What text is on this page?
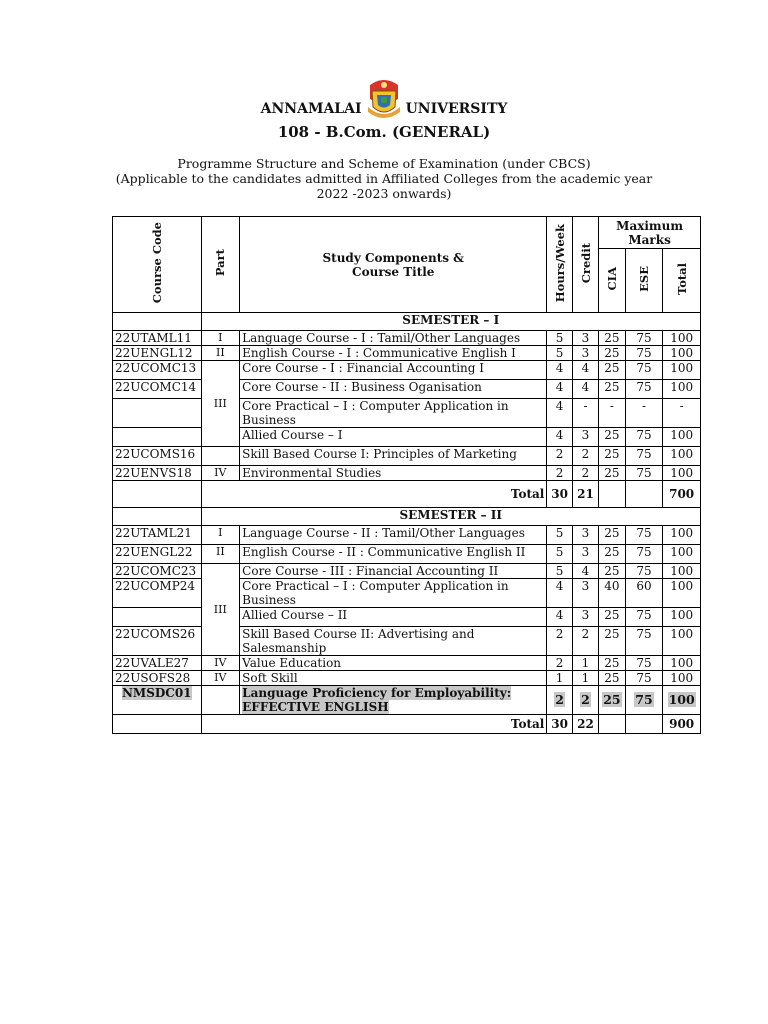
ANNAMALAI	UNIVERSITY
108 - B.Com. (GENERAL)
Programme Structure and Scheme of Examination (under CBCS)
(Applicable to the candidates admitted in Affiliated Colleges from the academic year
2022 -2023 onwards)
Course Code	Part	Study Components & Course Title	Hours/Week	Credit	Maximum Marks		
					CIA	ESE	Total
	SEMESTER – I						
22UTAML11	I	Language Course - I : Tamil/Other Languages	5	3	25	75	100
22UENGL12	II	English Course - I : Communicative English I	5	3	25	75	100
22UCOMC13	III	Core Course - I : Financial Accounting I	4	4	25	75	100
22UCOMC14		Core Course - II : Business Oganisation	4	4	25	75	100
		Core Practical – I : Computer Application in Business	4	-	-	-	-
		Allied Course – I	4	3	25	75	100
22UCOMS16		Skill Based Course I: Principles of Marketing	2	2	25	75	100
22UENVS18	IV	Environmental Studies	2	2	25	75	100
	Total		30	21			700
	SEMESTER – II						
22UTAML21	I	Language Course - II : Tamil/Other Languages	5	3	25	75	100
22UENGL22	II	English Course - II : Communicative English II	5	3	25	75	100
22UCOMC23	III	Core Course - III : Financial Accounting II	5	4	25	75	100
22UCOMP24		Core Practical – I : Computer Application in Business	4	3	40	60	100
		Allied Course – II	4	3	25	75	100
22UCOMS26		Skill Based Course II: Advertising and Salesmanship	2	2	25	75	100
22UVALE27	IV	Value Education	2	1	25	75	100
22USOFS28	IV	Soft Skill	1	1	25	75	100
NMSDC01		Language Proficiency for Employability: EFFECTIVE ENGLISH	2	2	25	75	100
	Total		30	22			900
